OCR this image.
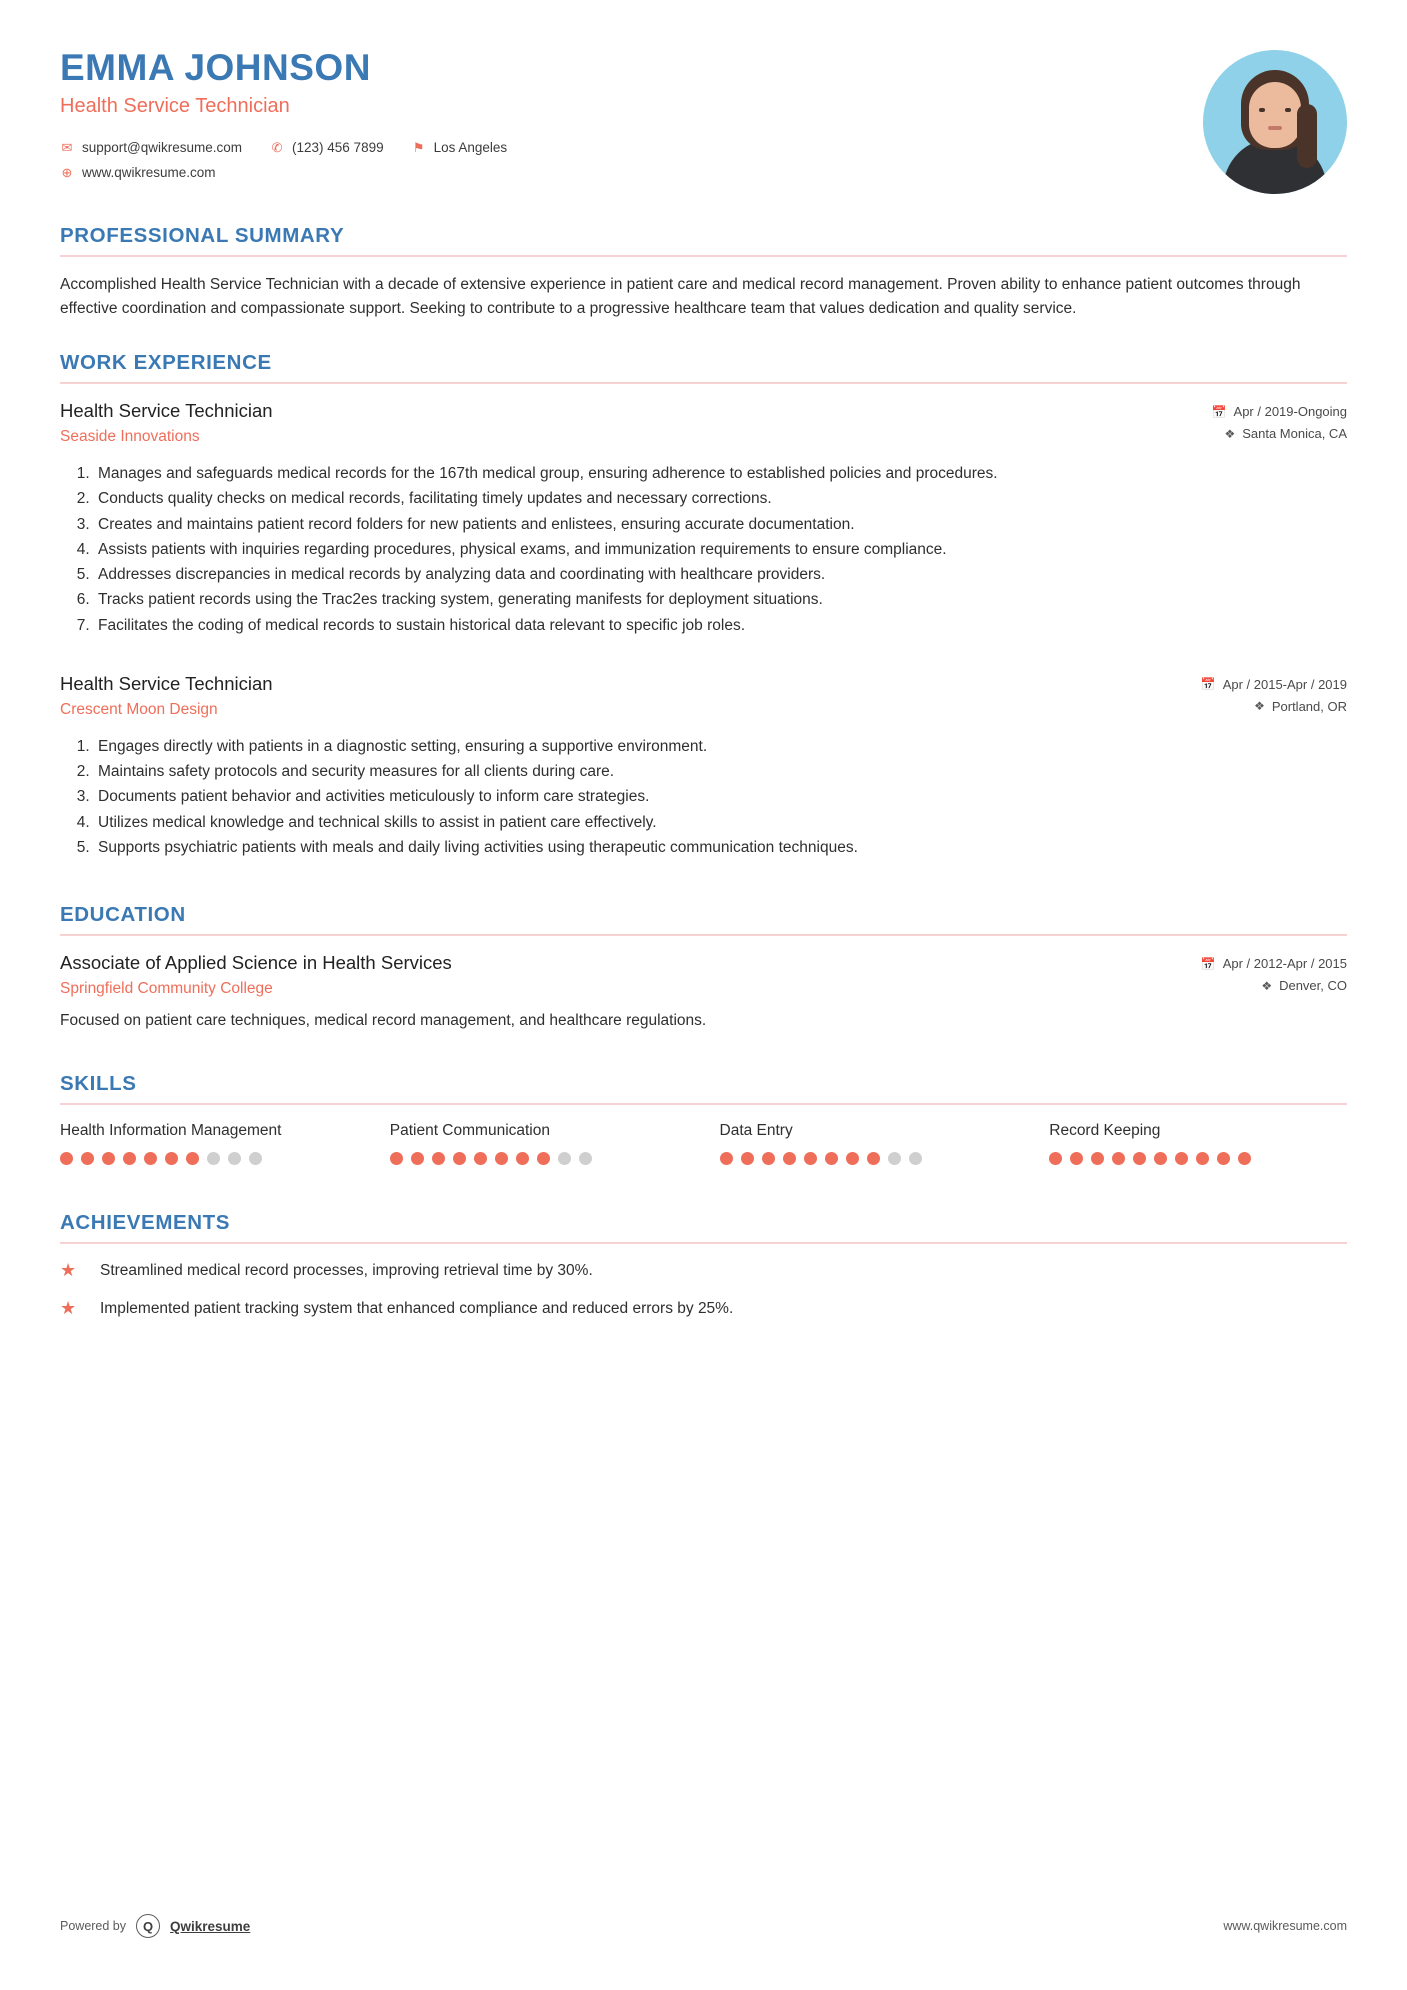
EMMA JOHNSON
Health Service Technician
✉ support@qwikresume.com ✆ (123) 456 7899 ⚑ Los Angeles
⊕ www.qwikresume.com
PROFESSIONAL SUMMARY

Accomplished Health Service Technician with a decade of extensive experience in patient care and medical record management. Proven ability to enhance patient outcomes through effective coordination and compassionate support. Seeking to contribute to a progressive healthcare team that values dedication and quality service.

WORK EXPERIENCE
Health Service Technician
Seaside Innovations
📅 Apr / 2019-Ongoing
❖ Santa Monica, CA
1. Manages and safeguards medical records for the 167th medical group, ensuring adherence to established policies and procedures.
2. Conducts quality checks on medical records, facilitating timely updates and necessary corrections.
3. Creates and maintains patient record folders for new patients and enlistees, ensuring accurate documentation.
4. Assists patients with inquiries regarding procedures, physical exams, and immunization requirements to ensure compliance.
5. Addresses discrepancies in medical records by analyzing data and coordinating with healthcare providers.
6. Tracks patient records using the Trac2es tracking system, generating manifests for deployment situations.
7. Facilitates the coding of medical records to sustain historical data relevant to specific job roles.
Health Service Technician
Crescent Moon Design
📅 Apr / 2015-Apr / 2019
❖ Portland, OR
1. Engages directly with patients in a diagnostic setting, ensuring a supportive environment.
2. Maintains safety protocols and security measures for all clients during care.
3. Documents patient behavior and activities meticulously to inform care strategies.
4. Utilizes medical knowledge and technical skills to assist in patient care effectively.
5. Supports psychiatric patients with meals and daily living activities using therapeutic communication techniques.
EDUCATION
Associate of Applied Science in Health Services
Springfield Community College
📅 Apr / 2012-Apr / 2015
❖ Denver, CO
Focused on patient care techniques, medical record management, and healthcare regulations.
SKILLS
Health Information Management	Patient Communication	Data Entry	Record Keeping
ACHIEVEMENTS
★	Streamlined medical record processes, improving retrieval time by 30%.
★	Implemented patient tracking system that enhanced compliance and reduced errors by 25%.
Powered by	Q	Qwikresume	www.qwikresume.com
